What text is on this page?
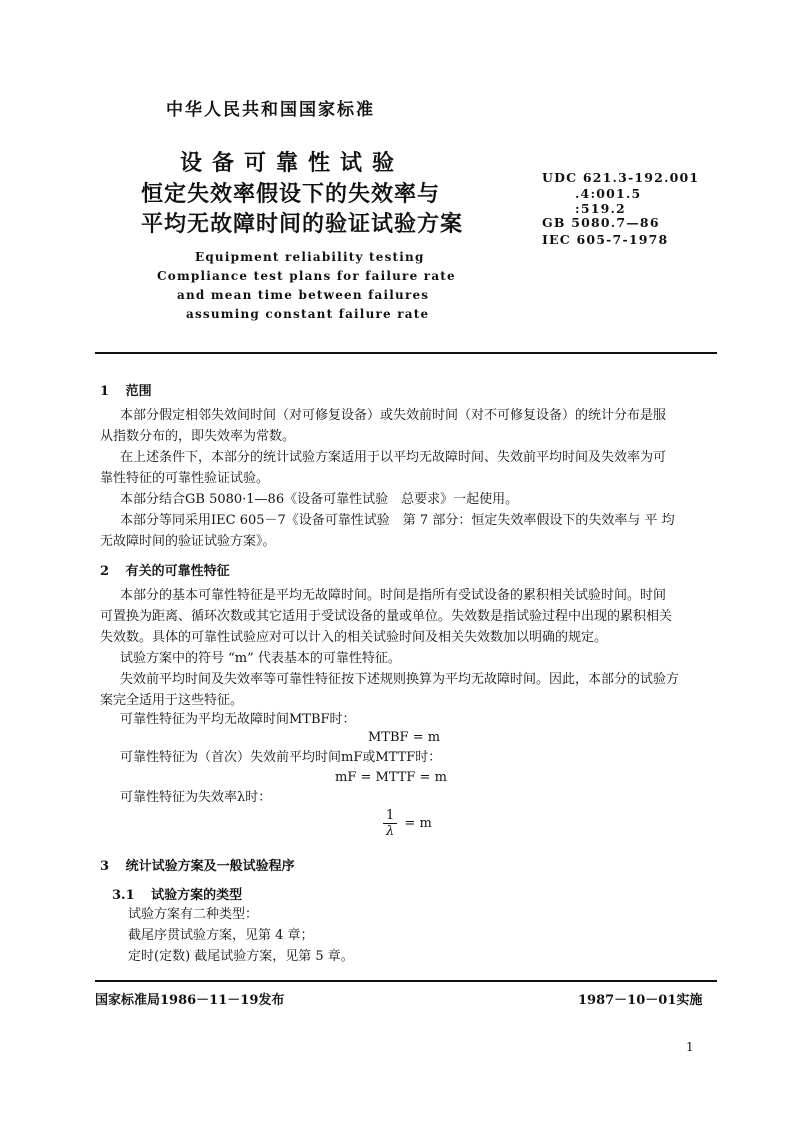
中华人民共和国国家标准
设备可靠性试验
恒定失效率假设下的失效率与
平均无故障时间的验证试验方案
Equipment reliability testing
Compliance test plans for failure rate
and mean time between failures
assuming constant failure rate
UDC 621.3-192.001
.4:001.5
:519.2
GB 5080.7—86
IEC 605-7-1978
1 范围
本部分假定相邻失效间时间（对可修复设备）或失效前时间（对不可修复设备）的统计分布是服
从指数分布的，即失效率为常数。
在上述条件下，本部分的统计试验方案适用于以平均无故障时间、失效前平均时间及失效率为可
靠性特征的可靠性验证试验。
本部分结合GB 5080·1—86《设备可靠性试验　总要求》一起使用。
本部分等同采用IEC 605－7《设备可靠性试验　第 7 部分：恒定失效率假设下的失效率与 平 均
无故障时间的验证试验方案》。
2 有关的可靠性特征
本部分的基本可靠性特征是平均无故障时间。时间是指所有受试设备的累积相关试验时间。时间
可置换为距离、循环次数或其它适用于受试设备的量或单位。失效数是指试验过程中出现的累积相关
失效数。具体的可靠性试验应对可以计入的相关试验时间及相关失效数加以明确的规定。
试验方案中的符号 “m” 代表基本的可靠性特征。
失效前平均时间及失效率等可靠性特征按下述规则换算为平均无故障时间。因此，本部分的试验方
案完全适用于这些特征。
可靠性特征为平均无故障时间MTBF时：
MTBF = m
可靠性特征为（首次）失效前平均时间mF或MTTF时：
mF = MTTF = m
可靠性特征为失效率λ时：
$\frac{1}{\lambda} = m$
3 统计试验方案及一般试验程序
3.1 试验方案的类型
试验方案有二种类型：
截尾序贯试验方案，见第 4 章；
定时(定数) 截尾试验方案，见第 5 章。
国家标准局1986－11－19发布	1987－10－01实施
1
